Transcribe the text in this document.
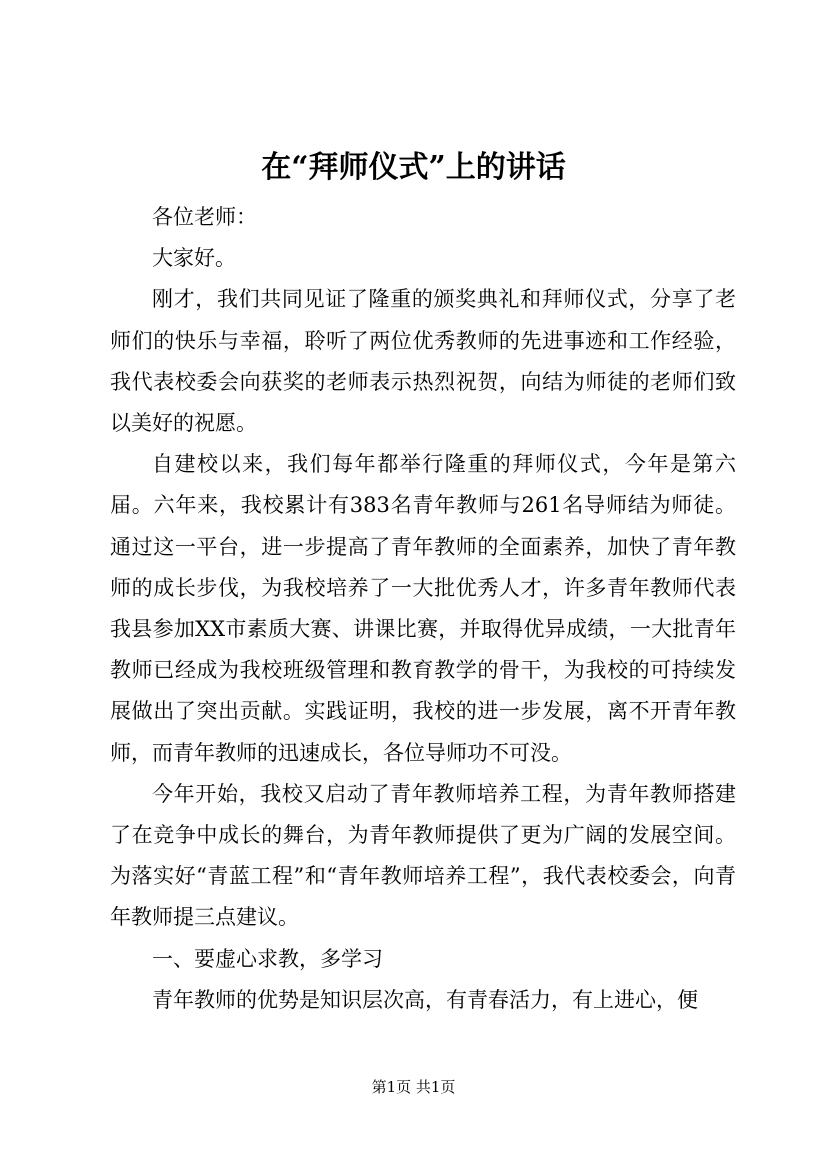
在“拜师仪式”上的讲话

各位老师：

大家好。

刚才，我们共同见证了隆重的颁奖典礼和拜师仪式，分享了老师们的快乐与幸福，聆听了两位优秀教师的先进事迹和工作经验，我代表校委会向获奖的老师表示热烈祝贺，向结为师徒的老师们致以美好的祝愿。

自建校以来，我们每年都举行隆重的拜师仪式，今年是第六届。六年来，我校累计有383名青年教师与261名导师结为师徒。通过这一平台，进一步提高了青年教师的全面素养，加快了青年教师的成长步伐，为我校培养了一大批优秀人才，许多青年教师代表我县参加XX市素质大赛、讲课比赛，并取得优异成绩，一大批青年教师已经成为我校班级管理和教育教学的骨干，为我校的可持续发展做出了突出贡献。实践证明，我校的进一步发展，离不开青年教师，而青年教师的迅速成长，各位导师功不可没。

今年开始，我校又启动了青年教师培养工程，为青年教师搭建了在竞争中成长的舞台，为青年教师提供了更为广阔的发展空间。为落实好“青蓝工程”和“青年教师培养工程”，我代表校委会，向青年教师提三点建议。

一、要虚心求教，多学习

青年教师的优势是知识层次高，有青春活力，有上进心，便

第1页 共1页
